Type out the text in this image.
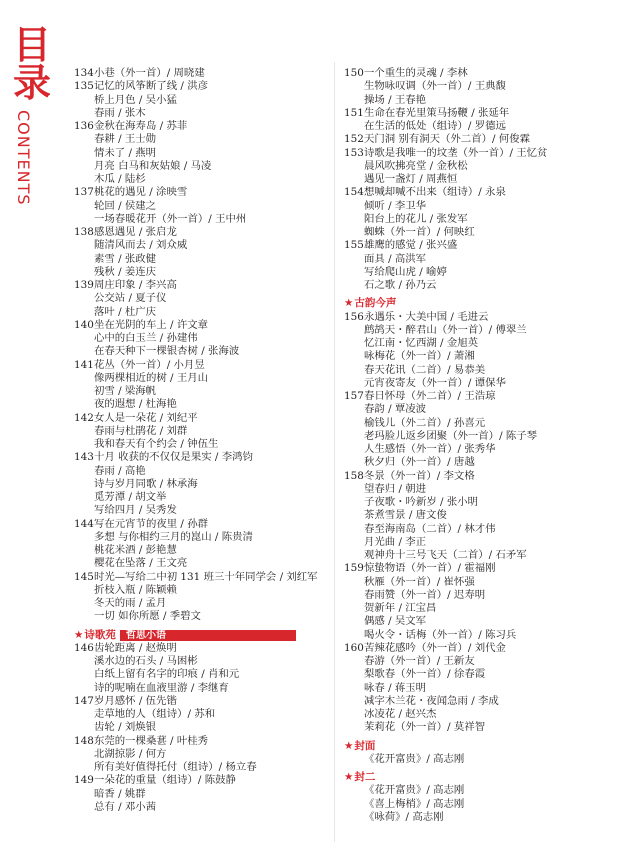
目
录
CONTENTS
134小巷（外一首）/ 周晓建
135记忆的风筝断了线 / 洪彦
桥上月色 / 吴小猛
春雨 / 张木
136金秋在海寿岛 / 苏菲
春耕 / 王士勋
情未了 / 燕明
月亮 白马和灰姑娘 / 马凌
木瓜 / 陆杉
137桃花的遇见 / 涂映雪
轮回 / 侯建之
一场春暖花开（外一首）/ 王中州
138感恩遇见 / 张启龙
随清风而去 / 刘众威
素雪 / 张政健
残秋 / 姜连庆
139周庄印象 / 李兴高
公交站 / 夏子仪
落叶 / 杜广庆
140坐在光阴的车上 / 许文章
心中的白玉兰 / 孙建伟
在春天种下一棵银杏树 / 张海波
141花丛（外一首）/ 小月昱
像两棵相近的树 / 王月山
初雪 / 梁海帆
夜的遐想 / 杜海艳
142女人是一朵花 / 刘纪平
春雨与杜鹃花 / 刘群
我和春天有个约会 / 钟伍生
143十月 收获的不仅仅是果实 / 李鸿钧
春雨 / 高艳
诗与岁月同歌 / 林承海
觅芳潭 / 胡文举
写给四月 / 吴秀发
144写在元宵节的夜里 / 孙群
多想 与你相约三月的崑山 / 陈贵清
桃花米酒 / 彭艳慧
樱花在坠落 / 王文亮
145时光—写给二中初 131 班三十年同学会 / 刘红军
折枝入瓶 / 陈颖赖
冬天的雨 / 孟月
一切 如你所愿 / 季碧文
★诗歌苑	哲思小语
146齿轮距离 / 赵焕明
溪水边的石头 / 马困彬
白纸上留有名字的印痕 / 肖和元
诗的呢喃在血液里游 / 李继育
147岁月感怀 / 伍先锴
走草地的人（组诗）/ 苏和
齿轮 / 刘焕银
148东莞的一棵桑葚 / 叶桂秀
北湖掠影 / 何方
所有美好值得托付（组诗）/ 杨立春
149一朵花的重量（组诗）/ 陈鼓静
暗香 / 姚群
总有 / 邓小茜
150一个重生的灵魂 / 李林
生物咏叹调（外一首）/ 王典馥
操场 / 王春艳
151生命在春光里策马扬鞭 / 张延年
在生活的低处（组诗）/ 罗德远
152天门洞 别有洞天（外二首）/ 何俊霖
153诗歌是我唯一的坟垄（外一首）/ 王忆贫
晨风吹拂亮堂 / 金秋松
遇见一盏灯 / 周燕恒
154想喊却喊不出来（组诗）/ 永泉
倾听 / 李卫华
阳台上的花儿 / 张发军
蜘蛛（外一首）/ 何映红
155雄鹰的感觉 / 张兴盛
面具 / 高洪军
写给爬山虎 / 喻婷
石之歌 / 孙乃云
★古韵今声
156永遇乐・大美中国 / 毛进云
鹧鸪天・醉君山（外一首）/ 傅翠兰
忆江南・忆西湖 / 金旭英
咏梅花（外一首）/ 萧湘
春天花讯（二首）/ 易恭美
元宵夜寄友（外一首）/ 谭保华
157春日怀母（外二首）/ 王浩琼
春韵 / 覃凌波
榆钱儿（外二首）/ 孙喜元
老玛脸儿返乡团聚（外一首）/ 陈子琴
人生感悟（外一首）/ 张秀华
秋夕归（外一首）/ 唐越
158冬景（外一首）/ 李文格
望春归 / 朝进
子夜歌・吟新岁 / 张小明
茶煮雪景 / 唐文俊
春至海南岛（二首）/ 林才伟
月光曲 / 李正
观神舟十三号飞天（二首）/ 石矛军
159惊蛰物语（外一首）/ 霍福刚
秋雁（外一首）/ 崔怀强
春雨赞（外一首）/ 迟寿明
贺新年 / 江宝昌
偶感 / 吴文军
喝火令・话梅（外一首）/ 陈习兵
160苦辣花感吟（外一首）/ 刘代金
春游（外一首）/ 王新友
梨歌春（外一首）/ 徐春霞
咏春 / 蒋玉明
减字木兰花・夜闻急雨 / 李成
冰凌花 / 赵兴杰
茉莉花（外一首）/ 莫祥智
★封面
《花开富贵》/ 高志刚
★封二
《花开富贵》/ 高志刚
《喜上梅梢》/ 高志刚
《咏荷》/ 高志刚
